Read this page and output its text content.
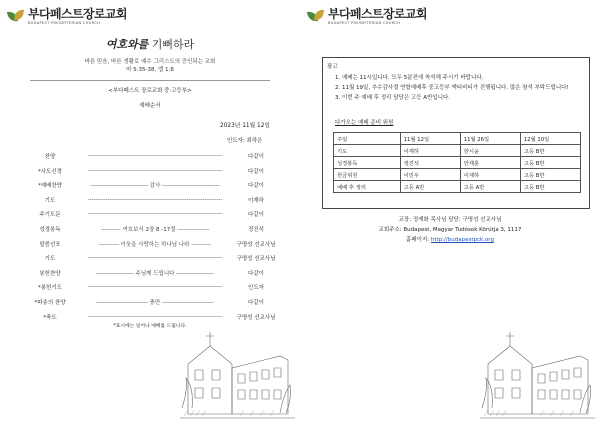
부다페스트장로교회
BUDAPEST PRESBYTERIAN CHURCH
여호와를 기뻐하라
바른 믿음, 바른 생활로 예수 그리스도의 증인되는 교회
마 5:35-38, 엡 1:8
<부다페스트 장로교회 중·고등부>
예배순서
2023년 11월 12일
인도자: 최하은
찬양	--------------------------------------------------------------------	다같이
*사도신경	--------------------------------------------------------------------	다같이
*예배찬양	----------------------------- 감사 -----------------------------	다같이
기도	--------------------------------------------------------------------	이재하
주기도문	--------------------------------------------------------------------	다같이
성경봉독	---------- 여호보서 2장 8 -17절 ----------------	정진석
말씀선포	---------- 이웃을 사랑하는 하나님 나라 ----------	구명성 선교사님
기도	--------------------------------------------------------------------	구명성 선교사님
봉헌찬양	------------------- 주님께 드립니다 -------------------	다같이
*봉헌기도	--------------------------------------------------------------------	인도자
*파송의 찬양	-------------------------- 충만 --------------------------	다같이
*축도	--------------------------------------------------------------------	구명성 선교사님
*표시에는 일어나 예배를 드립니다.
부다페스트장로교회
BUDAPEST PRESBYTERIAN CHURCH
광고
1. 예배는 11시입니다. 모두 5분전에 착석해 주시기 바랍니다.
2. 11월 19일, 추수감사절 연합예배후 중고등부 액티비티가 진행됩니다. 많은 참석 부탁드립니다!
3. 이번 주 예배 후 정리 담당은 고등 A반입니다.
다가오는 예배 준비 위원
주일	11월 12일	11월 26일	12월 10일
기도	이재하	한시윤	고등 B반
성경봉독	정진석	안재훈	고등 B반
헌금위원	이민우	이재하	고등 B반
예배 후 정리	고등 A반	고등 A반	고등 B반
교장: 정재화 목사님 담당: 구명성 선교사님
교회주소: Budapest, Magyar Tudósok Körútja 3, 1117
홈페이지: http://budapestpck.org
